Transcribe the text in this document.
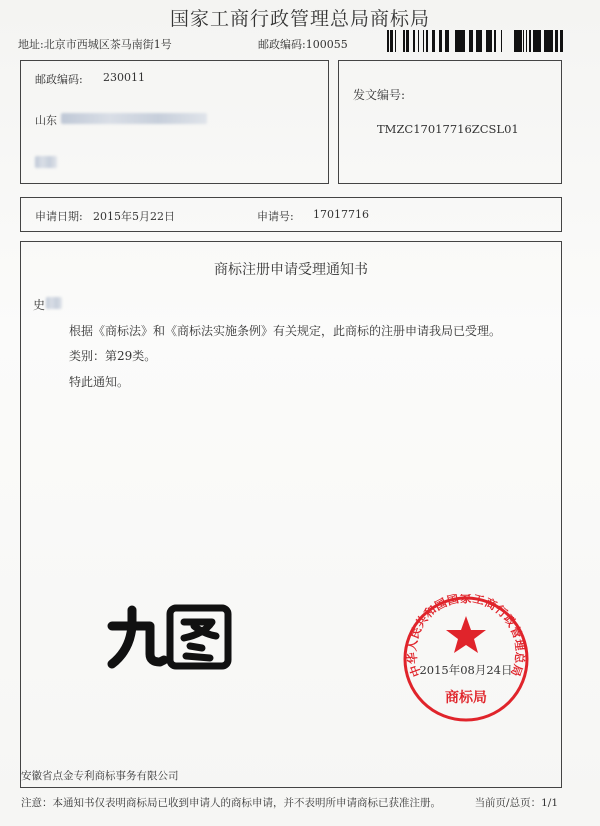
国家工商行政管理总局商标局
地址:北京市西城区茶马南街1号	邮政编码:100055
邮政编码: 230011
山东
发文编号:
TMZC17017716ZCSL01
申请日期: 2015年5月22日	申请号: 17017716
商标注册申请受理通知书
史
根据《商标法》和《商标法实施条例》有关规定，此商标的注册申请我局已受理。
类别：第29类。
特此通知。
中华人民共和国国家工商行政管理总局
2015年08月24日
商标局
安徽省点金专利商标事务有限公司
注意：本通知书仅表明商标局已收到申请人的商标申请，并不表明所申请商标已获准注册。	当前页/总页：1/1
